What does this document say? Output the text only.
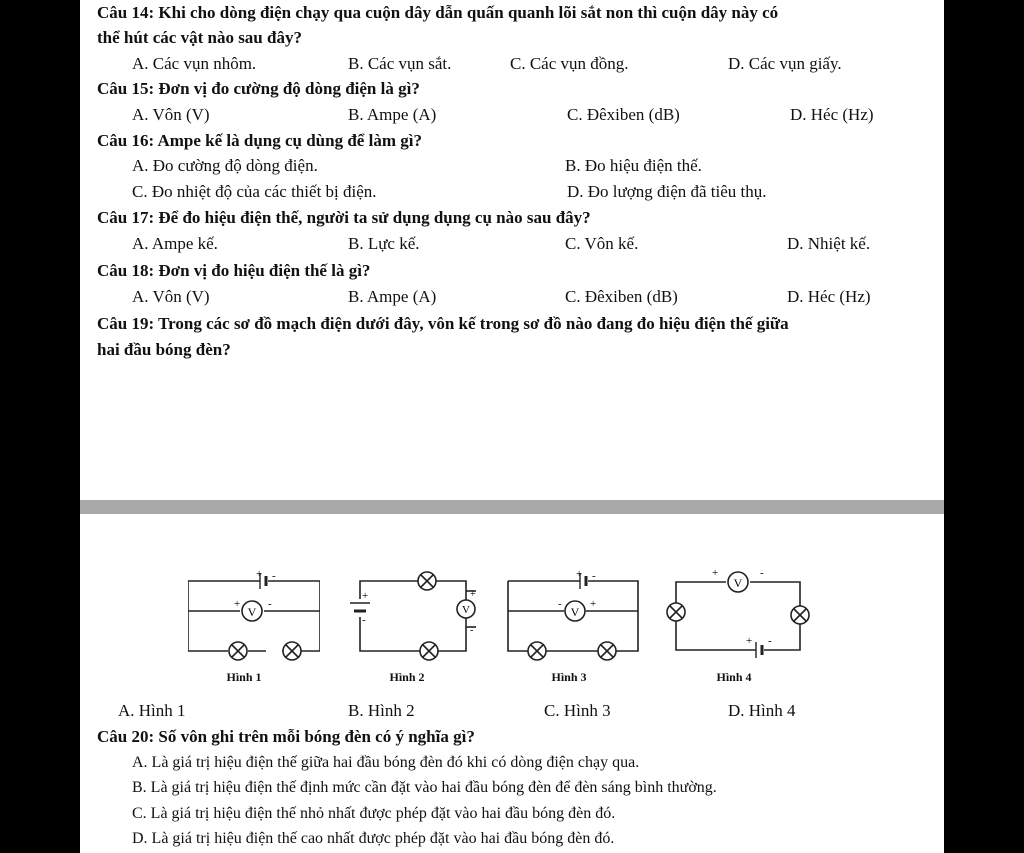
Câu 14: Khi cho dòng điện chạy qua cuộn dây dẫn quấn quanh lõi sắt non thì cuộn dây này có
thể hút các vật nào sau đây?
A. Các vụn nhôm.	B. Các vụn sắt.	C. Các vụn đồng.	D. Các vụn giấy.
Câu 15: Đơn vị đo cường độ dòng điện là gì?
A. Vôn (V)	B. Ampe (A)	C. Đêxiben (dB)	D. Héc (Hz)
Câu 16: Ampe kế là dụng cụ dùng để làm gì?
A. Đo cường độ dòng điện.	B. Đo hiệu điện thế.
C. Đo nhiệt độ của các thiết bị điện.	D. Đo lượng điện đã tiêu thụ.
Câu 17: Để đo hiệu điện thế, người ta sử dụng dụng cụ nào sau đây?
A. Ampe kế.	B. Lực kế.	C. Vôn kế.	D. Nhiệt kế.
Câu 18: Đơn vị đo hiệu điện thế là gì?
A. Vôn (V)	B. Ampe (A)	C. Đêxiben (dB)	D. Héc (Hz)
Câu 19: Trong các sơ đồ mạch điện dưới đây, vôn kế trong sơ đồ nào đang đo hiệu điện thế giữa
hai đầu bóng đèn?
V
+ -
+	-	V
+
-
+
-
V
+ -
-	+
V
+	-
+ -
Hình 1	Hình 2	Hình 3	Hình 4
A. Hình 1	B. Hình 2	C. Hình 3	D. Hình 4
Câu 20: Số vôn ghi trên mỗi bóng đèn có ý nghĩa gì?
A. Là giá trị hiệu điện thế giữa hai đầu bóng đèn đó khi có dòng điện chạy qua.
B. Là giá trị hiệu điện thế định mức cần đặt vào hai đầu bóng đèn để đèn sáng bình thường.
C. Là giá trị hiệu điện thế nhỏ nhất được phép đặt vào hai đầu bóng đèn đó.
D. Là giá trị hiệu điện thế cao nhất được phép đặt vào hai đầu bóng đèn đó.
